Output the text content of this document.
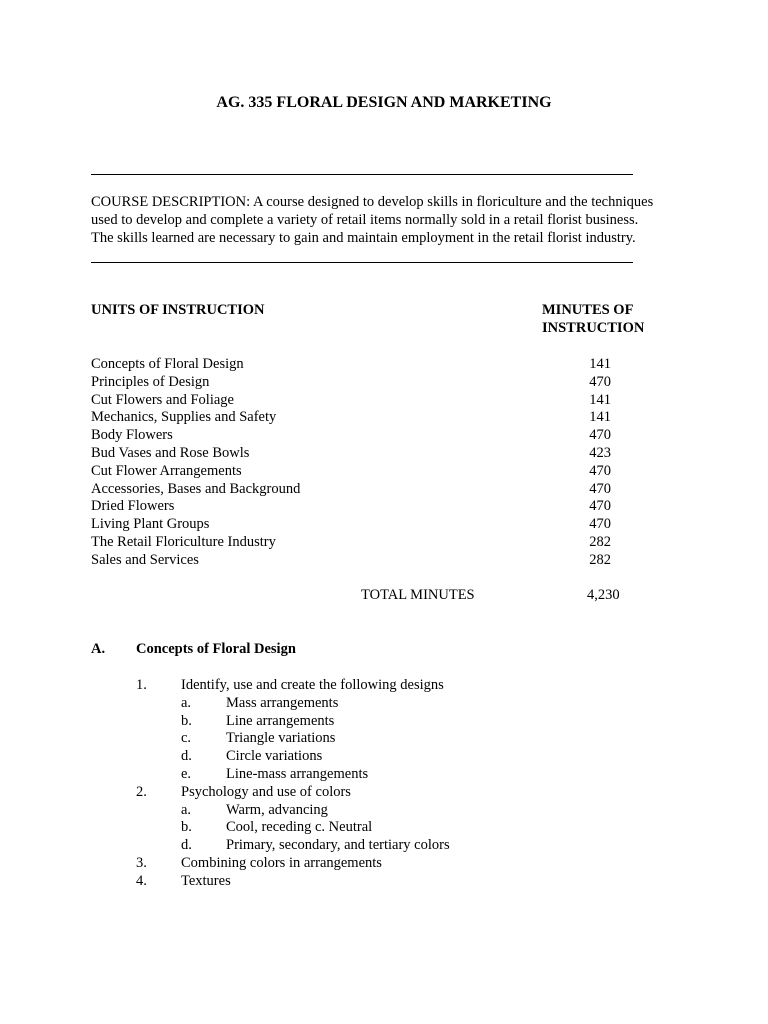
AG. 335 FLORAL DESIGN AND MARKETING

COURSE DESCRIPTION: A course designed to develop skills in floriculture and the techniques

used to develop and complete a variety of retail items normally sold in a retail florist business.

The skills learned are necessary to gain and maintain employment in the retail florist industry.

UNITS OF INSTRUCTION	MINUTES OF
INSTRUCTION
Concepts of Floral Design	141
Principles of Design	470
Cut Flowers and Foliage	141
Mechanics, Supplies and Safety	141
Body Flowers	470
Bud Vases and Rose Bowls	423
Cut Flower Arrangements	470
Accessories, Bases and Background	470
Dried Flowers	470
Living Plant Groups	470
The Retail Floriculture Industry	282
Sales and Services	282
TOTAL MINUTES	4,230
A. Concepts of Floral Design
1. Identify, use and create the following designs
a. Mass arrangements
b. Line arrangements
c. Triangle variations
d. Circle variations
e. Line-mass arrangements
2. Psychology and use of colors
a. Warm, advancing
b. Cool, receding c. Neutral
d. Primary, secondary, and tertiary colors
3. Combining colors in arrangements
4. Textures
